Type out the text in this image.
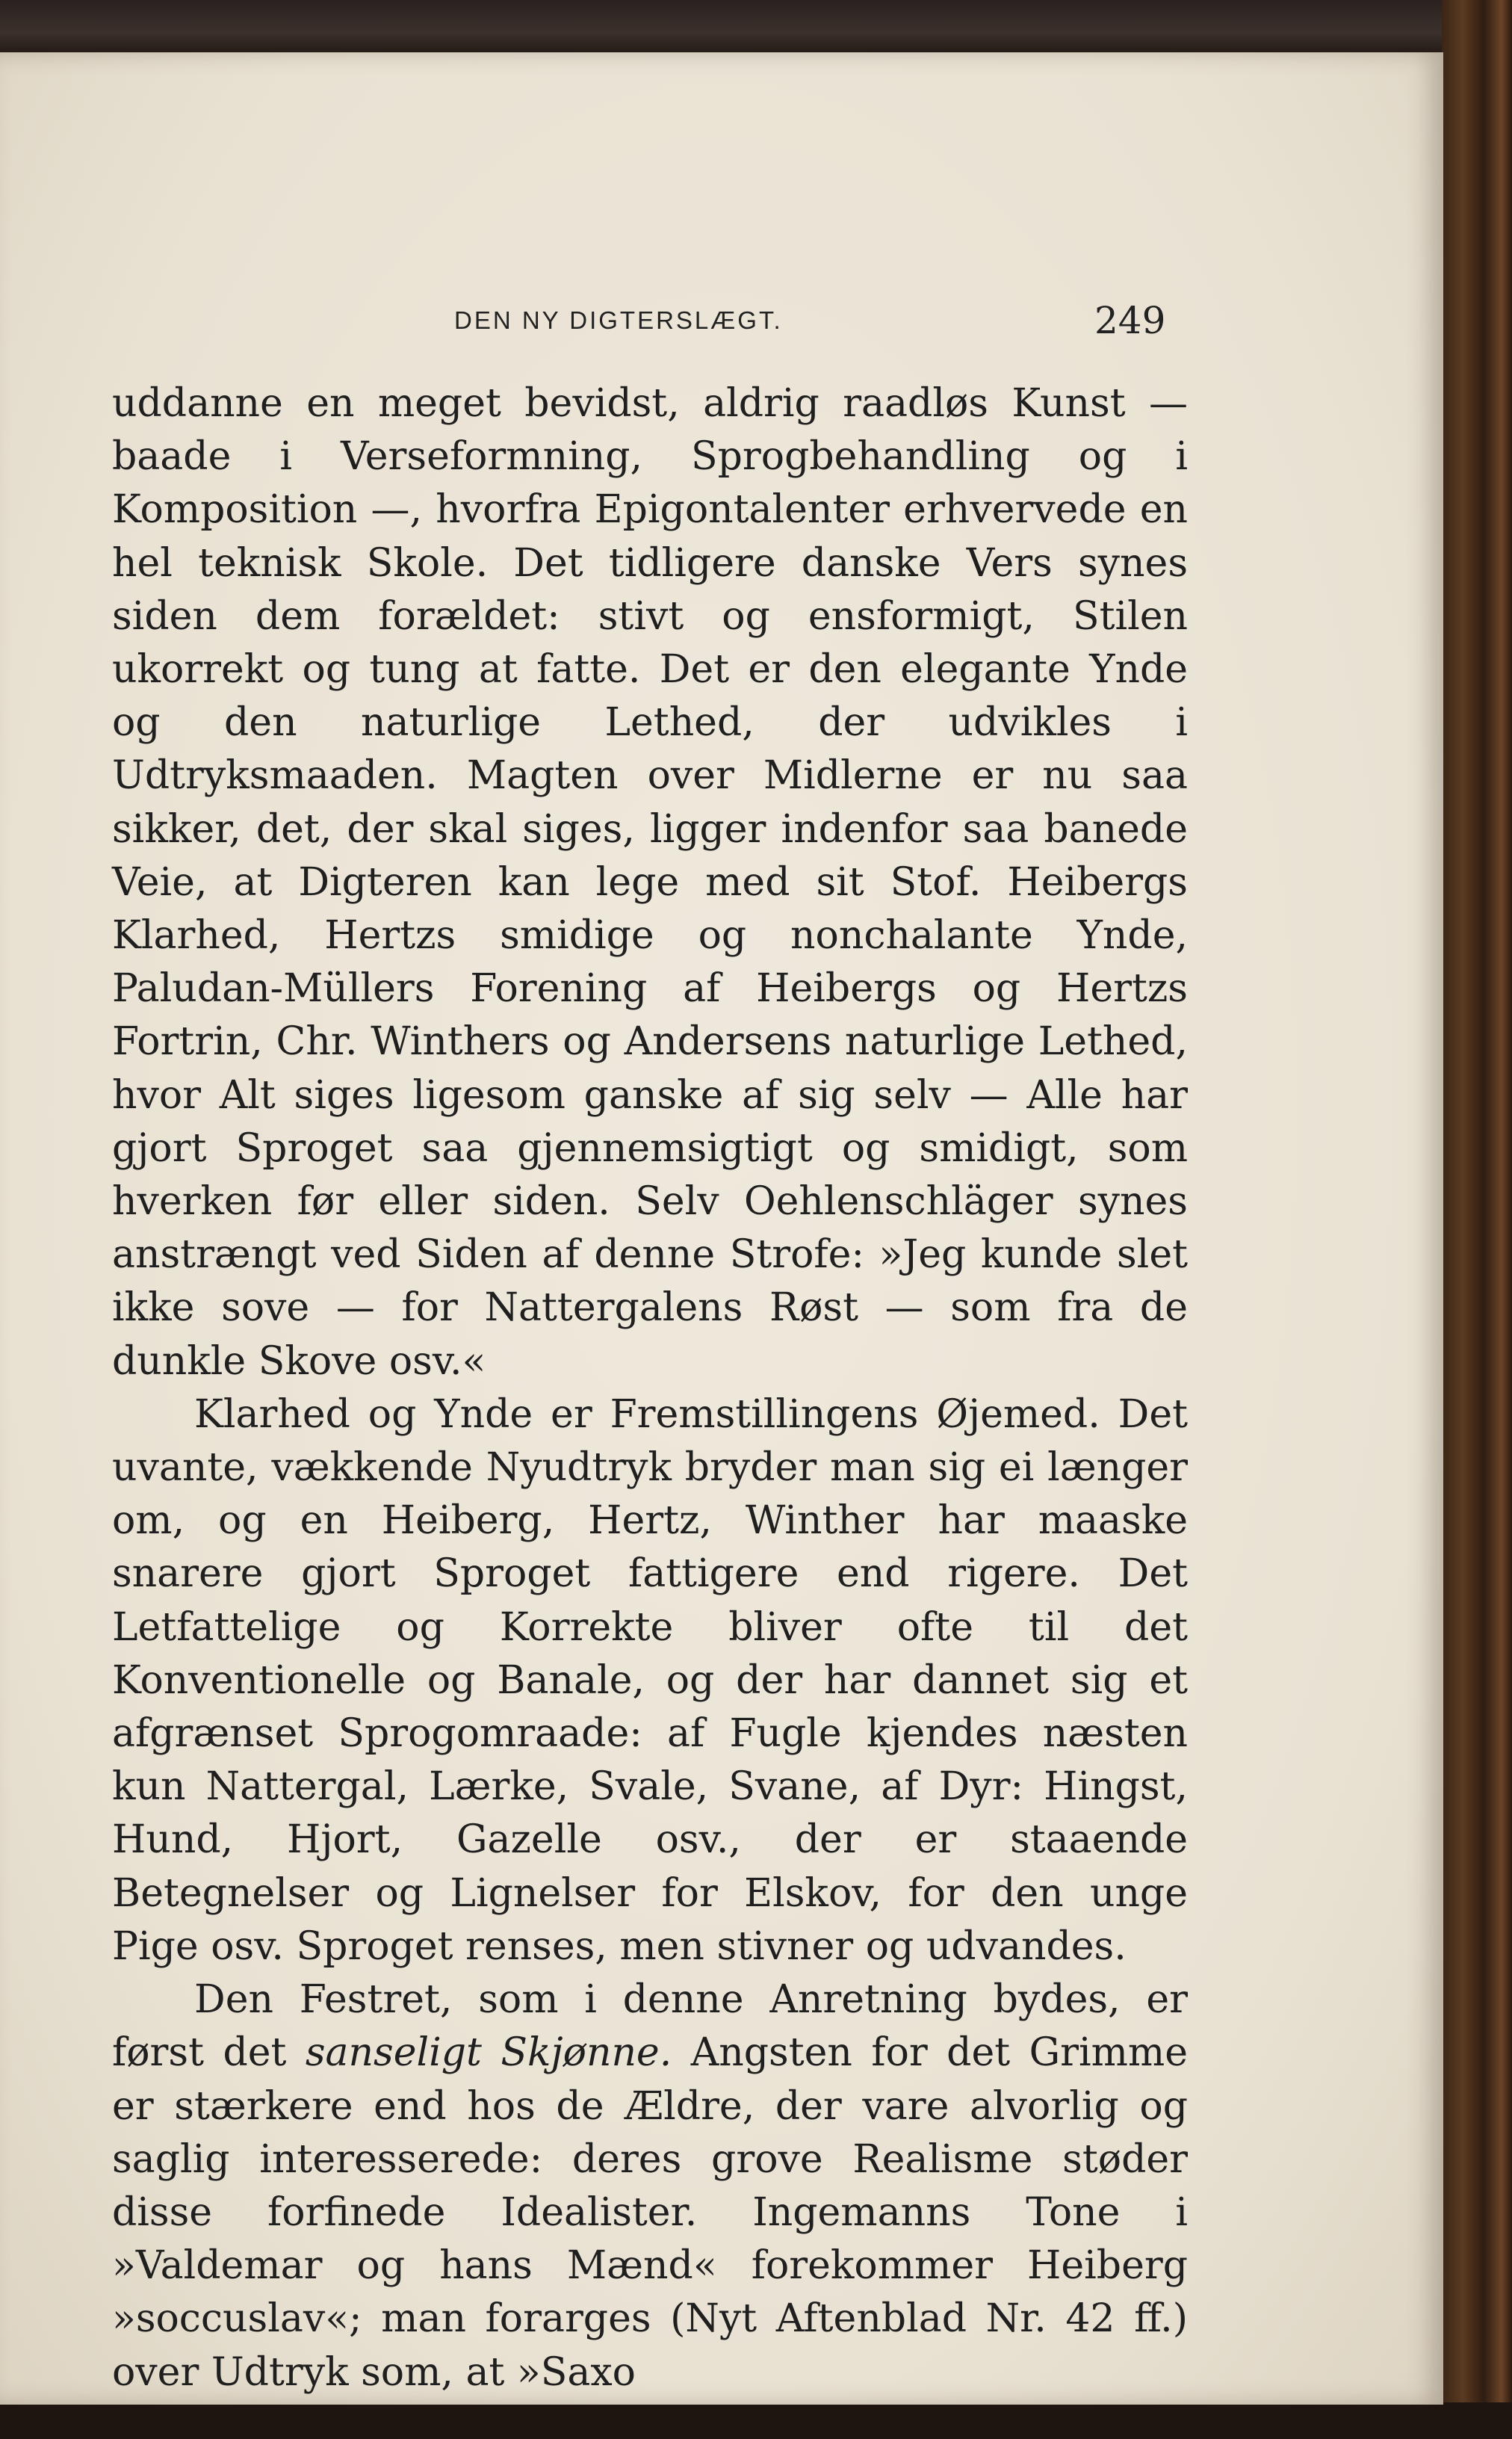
DEN NY DIGTERSLÆGT.	249

uddanne en meget bevidst, aldrig raadløs Kunst — baade i Verseformning, Sprogbehandling og i Komposition —, hvorfra Epigontalenter erhvervede en hel teknisk Skole. Det tidligere danske Vers synes siden dem forældet: stivt og ensformigt, Stilen ukorrekt og tung at fatte. Det er den elegante Ynde og den naturlige Lethed, der udvikles i Udtryksmaaden. Magten over Midlerne er nu saa sikker, det, der skal siges, ligger indenfor saa banede Veie, at Digteren kan lege med sit Stof. Heibergs Klarhed, Hertzs smidige og nonchalante Ynde, Paludan-Müllers Forening af Heibergs og Hertzs Fortrin, Chr. Winthers og Andersens naturlige Lethed, hvor Alt siges ligesom ganske af sig selv — Alle har gjort Sproget saa gjennemsigtigt og smidigt, som hverken før eller siden. Selv Oehlenschläger synes anstrængt ved Siden af denne Strofe: »Jeg kunde slet ikke sove — for Nattergalens Røst — som fra de dunkle Skove osv.«

Klarhed og Ynde er Fremstillingens Øjemed. Det uvante, vækkende Nyudtryk bryder man sig ei længer om, og en Heiberg, Hertz, Winther har maaske snarere gjort Sproget fattigere end rigere. Det Letfattelige og Korrekte bliver ofte til det Konventionelle og Banale, og der har dannet sig et afgrænset Sprogomraade: af Fugle kjendes næsten kun Nattergal, Lærke, Svale, Svane, af Dyr: Hingst, Hund, Hjort, Gazelle osv., der er staaende Betegnelser og Lignelser for Elskov, for den unge Pige osv. Sproget renses, men stivner og udvandes.

Den Festret, som i denne Anretning bydes, er først det sanseligt Skjønne. Angsten for det Grimme er stærkere end hos de Ældre, der vare alvorlig og saglig interesserede: deres grove Realisme støder disse forfinede Idealister. Ingemanns Tone i »Valdemar og hans Mænd« forekommer Heiberg »soccuslav«; man forarges (Nyt Aftenblad Nr. 42 ff.) over Udtryk som, at »Saxo
